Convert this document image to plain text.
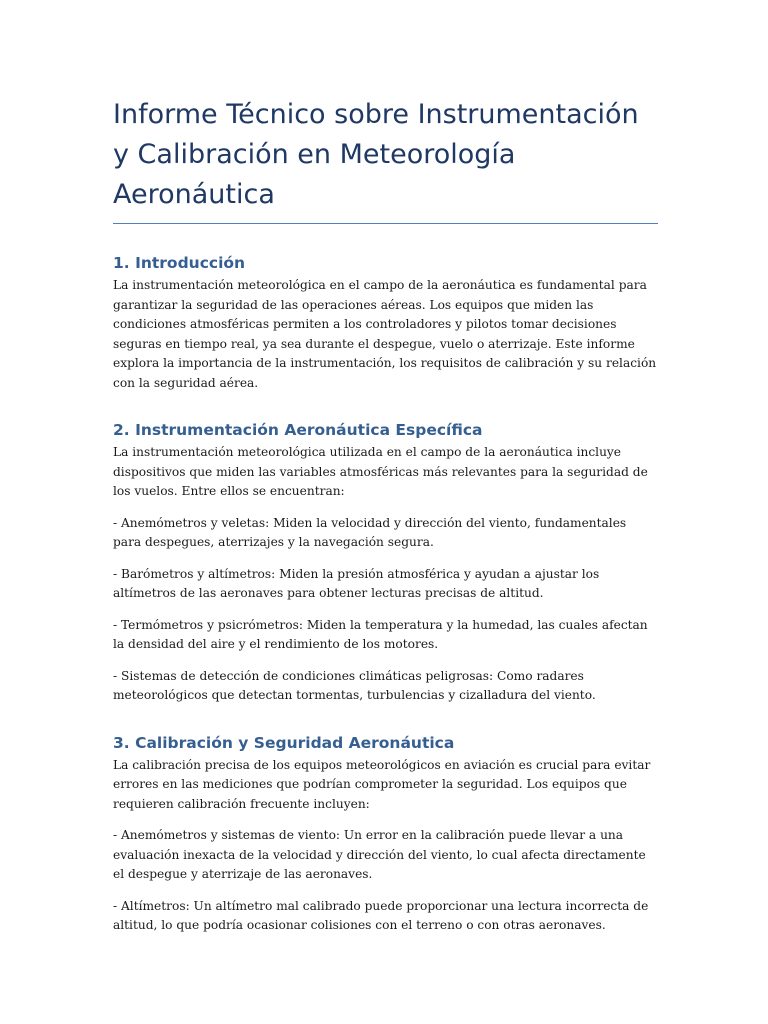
Informe Técnico sobre Instrumentación y Calibración en Meteorología Aeronáutica
1. Introducción

La instrumentación meteorológica en el campo de la aeronáutica es fundamental para garantizar la seguridad de las operaciones aéreas. Los equipos que miden las condiciones atmosféricas permiten a los controladores y pilotos tomar decisiones seguras en tiempo real, ya sea durante el despegue, vuelo o aterrizaje. Este informe explora la importancia de la instrumentación, los requisitos de calibración y su relación con la seguridad aérea.

2. Instrumentación Aeronáutica Específica

La instrumentación meteorológica utilizada en el campo de la aeronáutica incluye dispositivos que miden las variables atmosféricas más relevantes para la seguridad de los vuelos. Entre ellos se encuentran:

- Anemómetros y veletas: Miden la velocidad y dirección del viento, fundamentales para despegues, aterrizajes y la navegación segura.

- Barómetros y altímetros: Miden la presión atmosférica y ayudan a ajustar los altímetros de las aeronaves para obtener lecturas precisas de altitud.

- Termómetros y psicrómetros: Miden la temperatura y la humedad, las cuales afectan la densidad del aire y el rendimiento de los motores.

- Sistemas de detección de condiciones climáticas peligrosas: Como radares meteorológicos que detectan tormentas, turbulencias y cizalladura del viento.

3. Calibración y Seguridad Aeronáutica

La calibración precisa de los equipos meteorológicos en aviación es crucial para evitar errores en las mediciones que podrían comprometer la seguridad. Los equipos que requieren calibración frecuente incluyen:

- Anemómetros y sistemas de viento: Un error en la calibración puede llevar a una evaluación inexacta de la velocidad y dirección del viento, lo cual afecta directamente el despegue y aterrizaje de las aeronaves.

- Altímetros: Un altímetro mal calibrado puede proporcionar una lectura incorrecta de altitud, lo que podría ocasionar colisiones con el terreno o con otras aeronaves.
